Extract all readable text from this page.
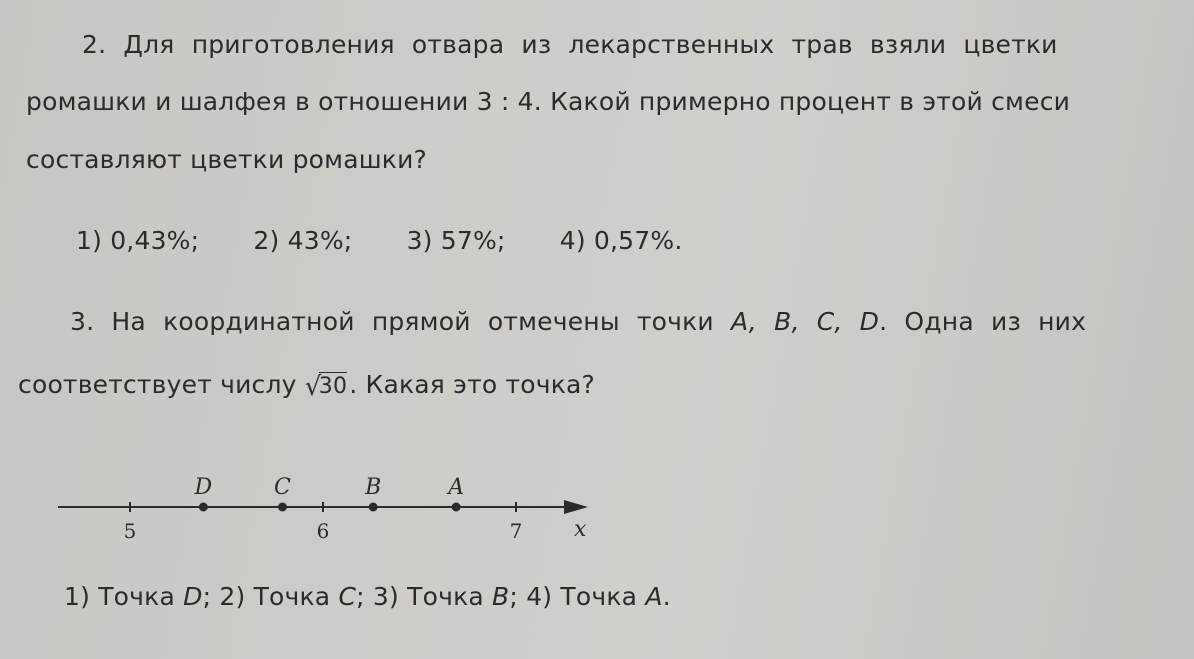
2. Для приготовления отвара из лекарственных трав взяли цветки
ромашки и шалфея в отношении 3 : 4. Какой примерно процент в этой смеси
составляют цветки ромашки?
1) 0,43%; 2) 43%; 3) 57%; 4) 0,57%.
3. На координатной прямой отмечены точки A, B, C, D. Одна из них
соответствует числу √
30. Какая это точка?
5	6	7
D	C	B	A
x
1) Точка D; 2) Точка C; 3) Точка B; 4) Точка A.
